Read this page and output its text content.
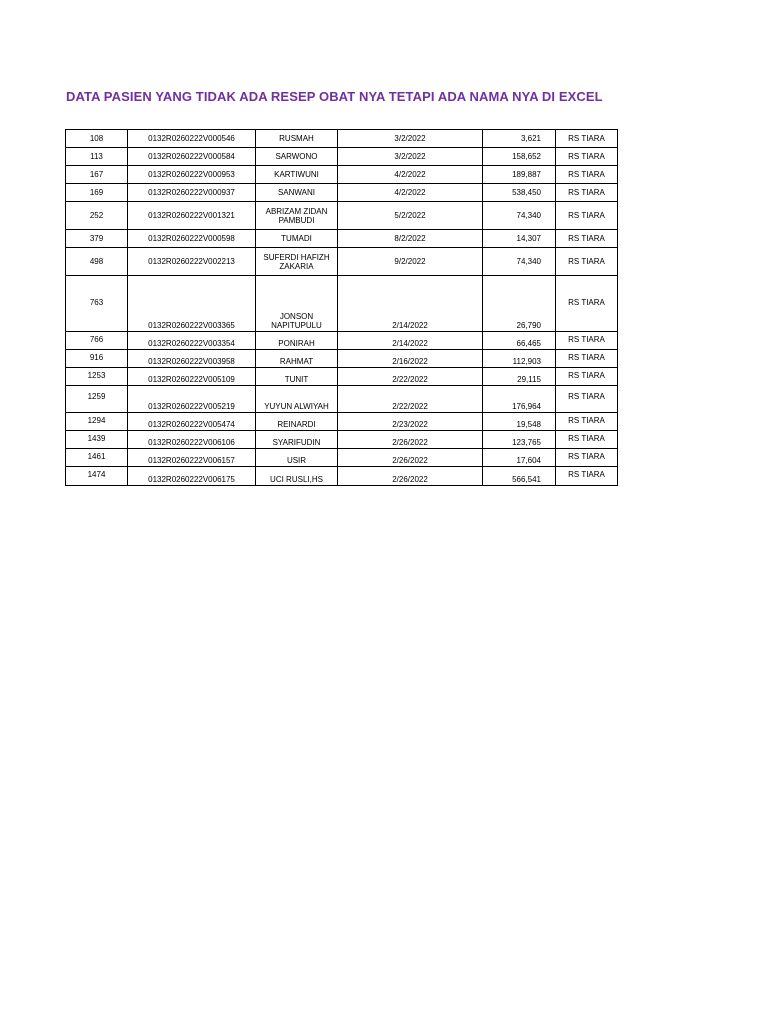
DATA PASIEN YANG TIDAK ADA RESEP OBAT NYA TETAPI ADA NAMA NYA DI EXCEL
108	0132R0260222V000546	RUSMAH	3/2/2022	3,621	RS TIARA
113	0132R0260222V000584	SARWONO	3/2/2022	158,652	RS TIARA
167	0132R0260222V000953	KARTIWUNI	4/2/2022	189,887	RS TIARA
169	0132R0260222V000937	SANWANI	4/2/2022	538,450	RS TIARA
252	0132R0260222V001321	ABRIZAM ZIDAN PAMBUDI	5/2/2022	74,340	RS TIARA
379	0132R0260222V000598	TUMADI	8/2/2022	14,307	RS TIARA
498	0132R0260222V002213	SUFERDI HAFIZH ZAKARIA	9/2/2022	74,340	RS TIARA
763	0132R0260222V003365	JONSON NAPITUPULU	2/14/2022	26,790	RS TIARA
766	0132R0260222V003354	PONIRAH	2/14/2022	66,465	RS TIARA
916	0132R0260222V003958	RAHMAT	2/16/2022	112,903	RS TIARA
1253	0132R0260222V005109	TUNIT	2/22/2022	29,115	RS TIARA
1259	0132R0260222V005219	YUYUN ALWIYAH	2/22/2022	176,964	RS TIARA
1294	0132R0260222V005474	REINARDI	2/23/2022	19,548	RS TIARA
1439	0132R0260222V006106	SYARIFUDIN	2/26/2022	123,765	RS TIARA
1461	0132R0260222V006157	USIR	2/26/2022	17,604	RS TIARA
1474	0132R0260222V006175	UCI RUSLI,HS	2/26/2022	566,541	RS TIARA
